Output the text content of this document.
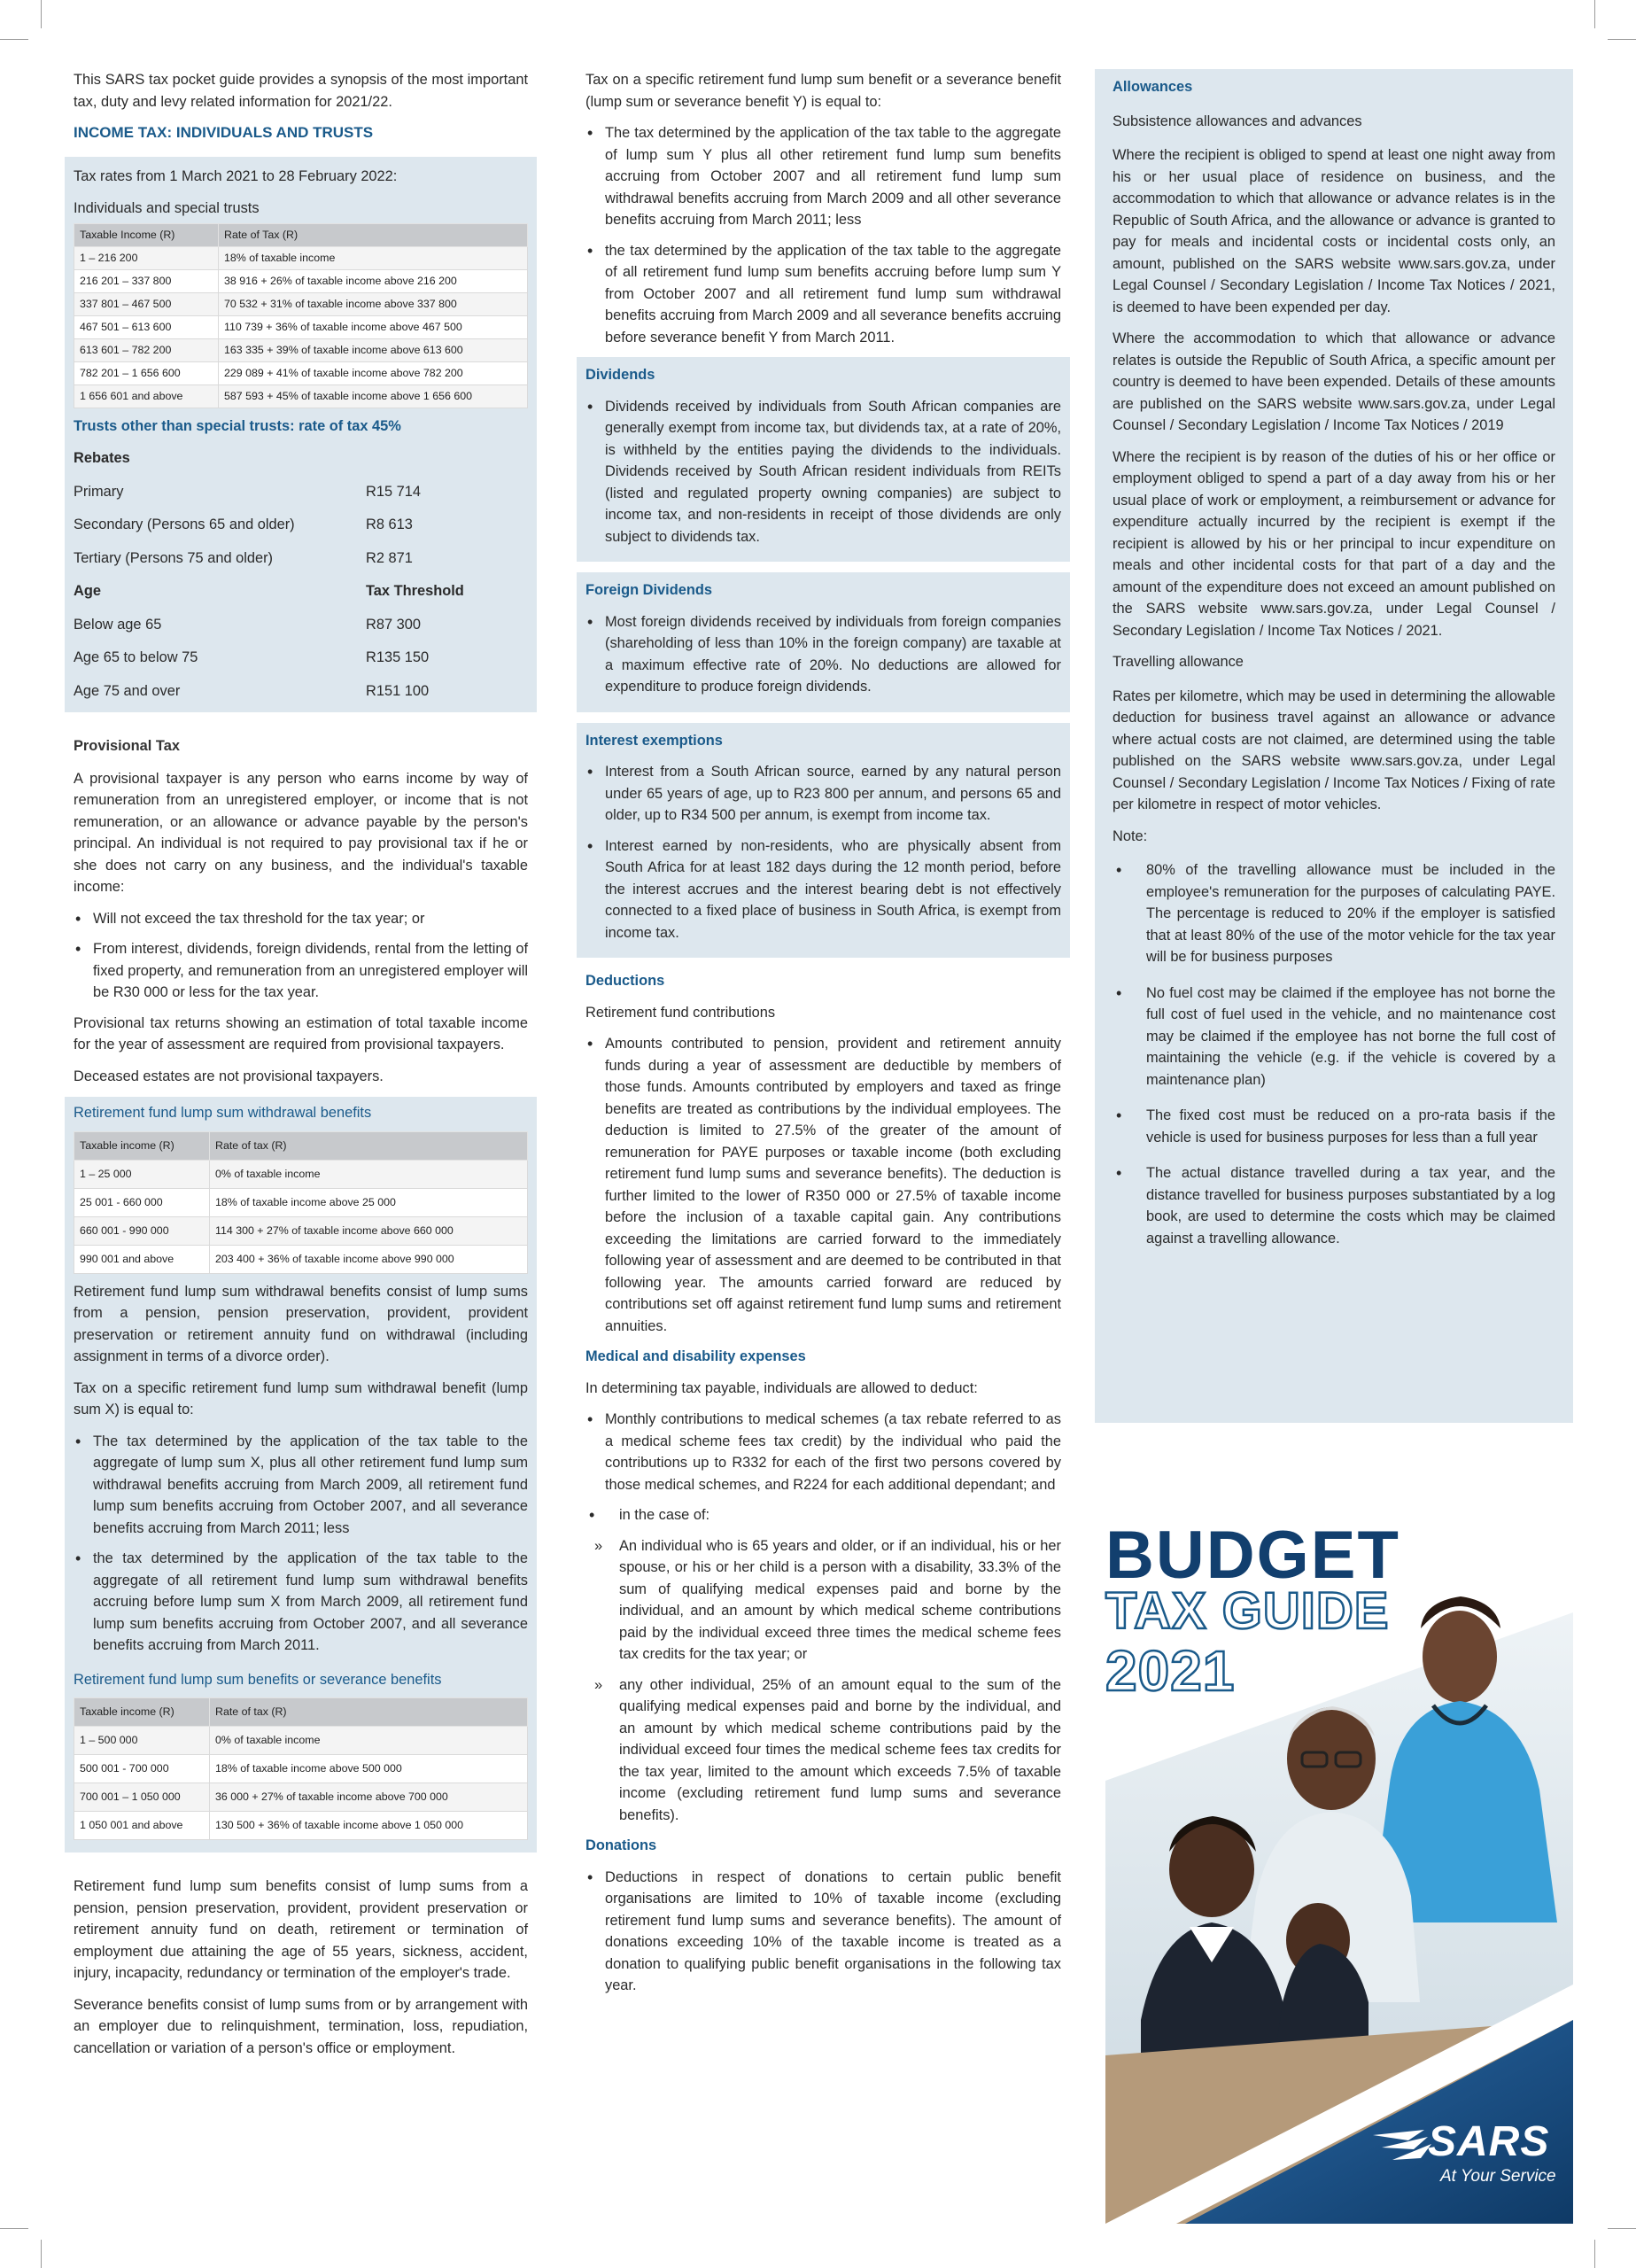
This SARS tax pocket guide provides a synopsis of the most important tax, duty and levy related information for 2021/22.

INCOME TAX: INDIVIDUALS AND TRUSTS

Tax rates from 1 March 2021 to 28 February 2022:

Individuals and special trusts
Taxable Income (R)	Rate of Tax (R)
1 – 216 200	18% of taxable income
216 201 – 337 800	38 916 + 26% of taxable income above 216 200
337 801 – 467 500	70 532 + 31% of taxable income above 337 800
467 501 – 613 600	110 739 + 36% of taxable income above 467 500
613 601 – 782 200	163 335 + 39% of taxable income above 613 600
782 201 – 1 656 600	229 089 + 41% of taxable income above 782 200
1 656 601 and above	587 593 + 45% of taxable income above 1 656 600

Trusts other than special trusts: rate of tax 45%

Rebates
Primary	R15 714
Secondary (Persons 65 and older)	R8 613
Tertiary (Persons 75 and older)	R2 871
Age	Tax Threshold
Below age 65	R87 300
Age 65 to below 75	R135 150
Age 75 and over	R151 100
Provisional Tax

A provisional taxpayer is any person who earns income by way of remuneration from an unregistered employer, or income that is not remuneration, or an allowance or advance payable by the person's principal. An individual is not required to pay provisional tax if he or she does not carry on any business, and the individual's taxable income:

• Will not exceed the tax threshold for the tax year; or
• From interest, dividends, foreign dividends, rental from the letting of fixed property, and remuneration from an unregistered employer will be R30 000 or less for the tax year.

Provisional tax returns showing an estimation of total taxable income for the year of assessment are required from provisional taxpayers.

Deceased estates are not provisional taxpayers.

Retirement fund lump sum withdrawal benefits

Taxable income (R)	Rate of tax (R)
1 – 25 000	0% of taxable income
25 001 - 660 000	18% of taxable income above 25 000
660 001 - 990 000	114 300 + 27% of taxable income above 660 000
990 001 and above	203 400 + 36% of taxable income above 990 000

Retirement fund lump sum withdrawal benefits consist of lump sums from a pension, pension preservation, provident, provident preservation or retirement annuity fund on withdrawal (including assignment in terms of a divorce order).

Tax on a specific retirement fund lump sum withdrawal benefit (lump sum X) is equal to:

• The tax determined by the application of the tax table to the aggregate of lump sum X, plus all other retirement fund lump sum withdrawal benefits accruing from March 2009, all retirement fund lump sum benefits accruing from October 2007, and all severance benefits accruing from March 2011; less
• the tax determined by the application of the tax table to the aggregate of all retirement fund lump sum withdrawal benefits accruing before lump sum X from March 2009, all retirement fund lump sum benefits accruing from October 2007, and all severance benefits accruing from March 2011.

Retirement fund lump sum benefits or severance benefits

Taxable income (R)	Rate of tax (R)
1 – 500 000	0% of taxable income
500 001 - 700 000	18% of taxable income above 500 000
700 001 – 1 050 000	36 000 + 27% of taxable income above 700 000
1 050 001 and above	130 500 + 36% of taxable income above 1 050 000

Retirement fund lump sum benefits consist of lump sums from a pension, pension preservation, provident, provident preservation or retirement annuity fund on death, retirement or termination of employment due attaining the age of 55 years, sickness, accident, injury, incapacity, redundancy or termination of the employer's trade.

Severance benefits consist of lump sums from or by arrangement with an employer due to relinquishment, termination, loss, repudiation, cancellation or variation of a person's office or employment.

Tax on a specific retirement fund lump sum benefit or a severance benefit (lump sum or severance benefit Y) is equal to:

• The tax determined by the application of the tax table to the aggregate of lump sum Y plus all other retirement fund lump sum benefits accruing from October 2007 and all retirement fund lump sum withdrawal benefits accruing from March 2009 and all other severance benefits accruing from March 2011; less
• the tax determined by the application of the tax table to the aggregate of all retirement fund lump sum benefits accruing before lump sum Y from October 2007 and all retirement fund lump sum withdrawal benefits accruing from March 2009 and all severance benefits accruing before severance benefit Y from March 2011.

Dividends

• Dividends received by individuals from South African companies are generally exempt from income tax, but dividends tax, at a rate of 20%, is withheld by the entities paying the dividends to the individuals. Dividends received by South African resident individuals from REITs (listed and regulated property owning companies) are subject to income tax, and non-residents in receipt of those dividends are only subject to dividends tax.

Foreign Dividends

• Most foreign dividends received by individuals from foreign companies (shareholding of less than 10% in the foreign company) are taxable at a maximum effective rate of 20%. No deductions are allowed for expenditure to produce foreign dividends.

Interest exemptions

• Interest from a South African source, earned by any natural person under 65 years of age, up to R23 800 per annum, and persons 65 and older, up to R34 500 per annum, is exempt from income tax.
• Interest earned by non-residents, who are physically absent from South Africa for at least 182 days during the 12 month period, before the interest accrues and the interest bearing debt is not effectively connected to a fixed place of business in South Africa, is exempt from income tax.

Deductions

Retirement fund contributions

• Amounts contributed to pension, provident and retirement annuity funds during a year of assessment are deductible by members of those funds. Amounts contributed by employers and taxed as fringe benefits are treated as contributions by the individual employees. The deduction is limited to 27.5% of the greater of the amount of remuneration for PAYE purposes or taxable income (both excluding retirement fund lump sums and severance benefits). The deduction is further limited to the lower of R350 000 or 27.5% of taxable income before the inclusion of a taxable capital gain. Any contributions exceeding the limitations are carried forward to the immediately following year of assessment and are deemed to be contributed in that following year. The amounts carried forward are reduced by contributions set off against retirement fund lump sums and retirement annuities.

Medical and disability expenses

In determining tax payable, individuals are allowed to deduct:

• Monthly contributions to medical schemes (a tax rebate referred to as a medical scheme fees tax credit) by the individual who paid the contributions up to R332 for each of the first two persons covered by those medical schemes, and R224 for each additional dependant; and
• in the case of:
» An individual who is 65 years and older, or if an individual, his or her spouse, or his or her child is a person with a disability, 33.3% of the sum of qualifying medical expenses paid and borne by the individual, and an amount by which medical scheme contributions paid by the individual exceed three times the medical scheme fees tax credits for the tax year; or
» any other individual, 25% of an amount equal to the sum of the qualifying medical expenses paid and borne by the individual, and an amount by which medical scheme contributions paid by the individual exceed four times the medical scheme fees tax credits for the tax year, limited to the amount which exceeds 7.5% of taxable income (excluding retirement fund lump sums and severance benefits).

Donations

• Deductions in respect of donations to certain public benefit organisations are limited to 10% of taxable income (excluding retirement fund lump sums and severance benefits). The amount of donations exceeding 10% of the taxable income is treated as a donation to qualifying public benefit organisations in the following tax year.

Allowances

Subsistence allowances and advances

Where the recipient is obliged to spend at least one night away from his or her usual place of residence on business, and the accommodation to which that allowance or advance relates is in the Republic of South Africa, and the allowance or advance is granted to pay for meals and incidental costs or incidental costs only, an amount, published on the SARS website www.sars.gov.za, under Legal Counsel / Secondary Legislation / Income Tax Notices / 2021, is deemed to have been expended per day.

Where the accommodation to which that allowance or advance relates is outside the Republic of South Africa, a specific amount per country is deemed to have been expended. Details of these amounts are published on the SARS website www.sars.gov.za, under Legal Counsel / Secondary Legislation / Income Tax Notices / 2019

Where the recipient is by reason of the duties of his or her office or employment obliged to spend a part of a day away from his or her usual place of work or employment, a reimbursement or advance for expenditure actually incurred by the recipient is exempt if the recipient is allowed by his or her principal to incur expenditure on meals and other incidental costs for that part of a day and the amount of the expenditure does not exceed an amount published on the SARS website www.sars.gov.za, under Legal Counsel / Secondary Legislation / Income Tax Notices / 2021.

Travelling allowance

Rates per kilometre, which may be used in determining the allowable deduction for business travel against an allowance or advance where actual costs are not claimed, are determined using the table published on the SARS website www.sars.gov.za, under Legal Counsel / Secondary Legislation / Income Tax Notices / Fixing of rate per kilometre in respect of motor vehicles.

Note:

• 80% of the travelling allowance must be included in the employee's remuneration for the purposes of calculating PAYE. The percentage is reduced to 20% if the employer is satisfied that at least 80% of the use of the motor vehicle for the tax year will be for business purposes
• No fuel cost may be claimed if the employee has not borne the full cost of fuel used in the vehicle, and no maintenance cost may be claimed if the employee has not borne the full cost of maintaining the vehicle (e.g. if the vehicle is covered by a maintenance plan)
• The fixed cost must be reduced on a pro-rata basis if the vehicle is used for business purposes for less than a full year
• The actual distance travelled during a tax year, and the distance travelled for business purposes substantiated by a log book, are used to determine the costs which may be claimed against a travelling allowance.
BUDGET
TAX GUIDE
2021
SARS
At Your Service
